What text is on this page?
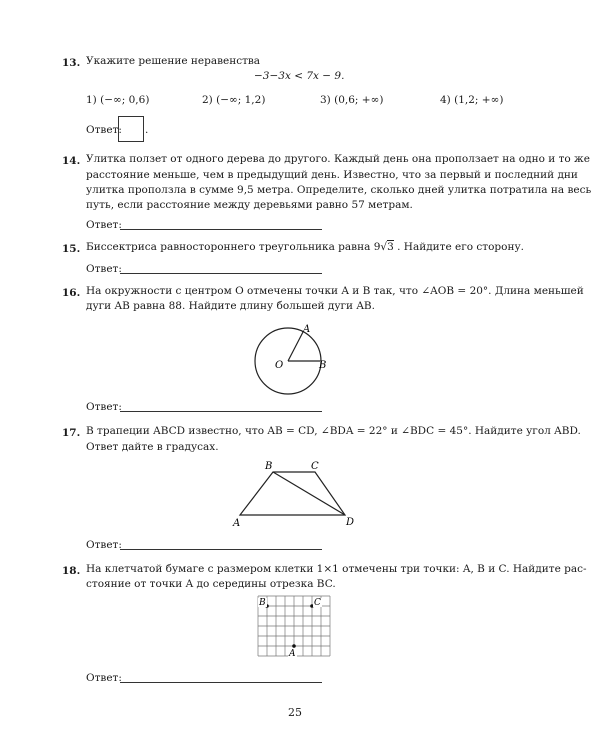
13. Укажите решение неравенства
−3−3x < 7x − 9.
1) (−∞; 0,6)	2) (−∞; 1,2)	3) (0,6; +∞)	4) (1,2; +∞)
Ответ: .
14. Улитка ползет от одного дерева до другого. Каждый день она проползает на одно и то же
расстояние меньше, чем в предыдущий день. Известно, что за первый и последний дни
улитка проползла в сумме 9,5 метра. Определите, сколько дней улитка потратила на весь
путь, если расстояние между деревьями равно 57 метрам.
Ответ:
15. Биссектриса равностороннего треугольника равна 9√3 . Найдите его сторону.
Ответ:
16. На окружности с центром O отмечены точки A и B так, что ∠AOB = 20°. Длина меньшей
дуги AB равна 88. Найдите длину большей дуги AB.
A
B
O
Ответ:
17. В трапеции ABCD известно, что AB = CD, ∠BDA = 22° и ∠BDC = 45°. Найдите угол ABD.
Ответ дайте в градусах.
A
B	C
D
Ответ:
18. На клетчатой бумаге с размером клетки 1×1 отмечены три точки: A, B и C. Найдите рас-
стояние от точки A до середины отрезка BC.
B	C
A
Ответ:
25
